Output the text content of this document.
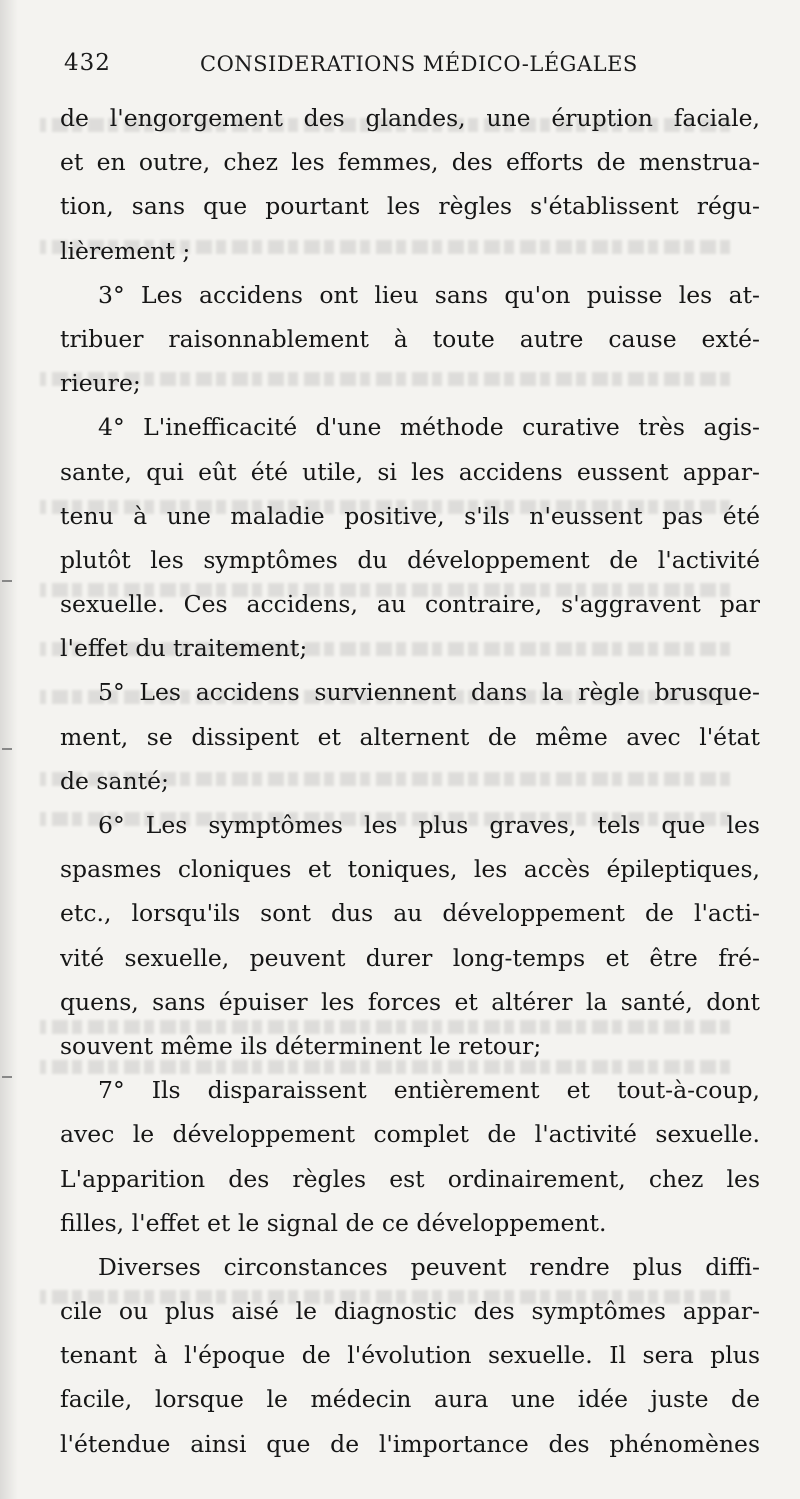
432	CONSIDERATIONS MÉDICO-LÉGALES
de l'engorgement des glandes, une éruption faciale,
et en outre, chez les femmes, des efforts de menstrua-
tion, sans que pourtant les règles s'établissent régu-
lièrement ;
3° Les accidens ont lieu sans qu'on puisse les at-
tribuer raisonnablement à toute autre cause exté-
rieure;
4° L'inefficacité d'une méthode curative très agis-
sante, qui eût été utile, si les accidens eussent appar-
tenu à une maladie positive, s'ils n'eussent pas été
plutôt les symptômes du développement de l'activité
sexuelle. Ces accidens, au contraire, s'aggravent par
l'effet du traitement;
5° Les accidens surviennent dans la règle brusque-
ment, se dissipent et alternent de même avec l'état
de santé;
6° Les symptômes les plus graves, tels que les
spasmes cloniques et toniques, les accès épileptiques,
etc., lorsqu'ils sont dus au développement de l'acti-
vité sexuelle, peuvent durer long-temps et être fré-
quens, sans épuiser les forces et altérer la santé, dont
souvent même ils déterminent le retour;
7° Ils disparaissent entièrement et tout-à-coup,
avec le développement complet de l'activité sexuelle.
L'apparition des règles est ordinairement, chez les
filles, l'effet et le signal de ce développement.
Diverses circonstances peuvent rendre plus diffi-
cile ou plus aisé le diagnostic des symptômes appar-
tenant à l'époque de l'évolution sexuelle. Il sera plus
facile, lorsque le médecin aura une idée juste de
l'étendue ainsi que de l'importance des phénomènes
